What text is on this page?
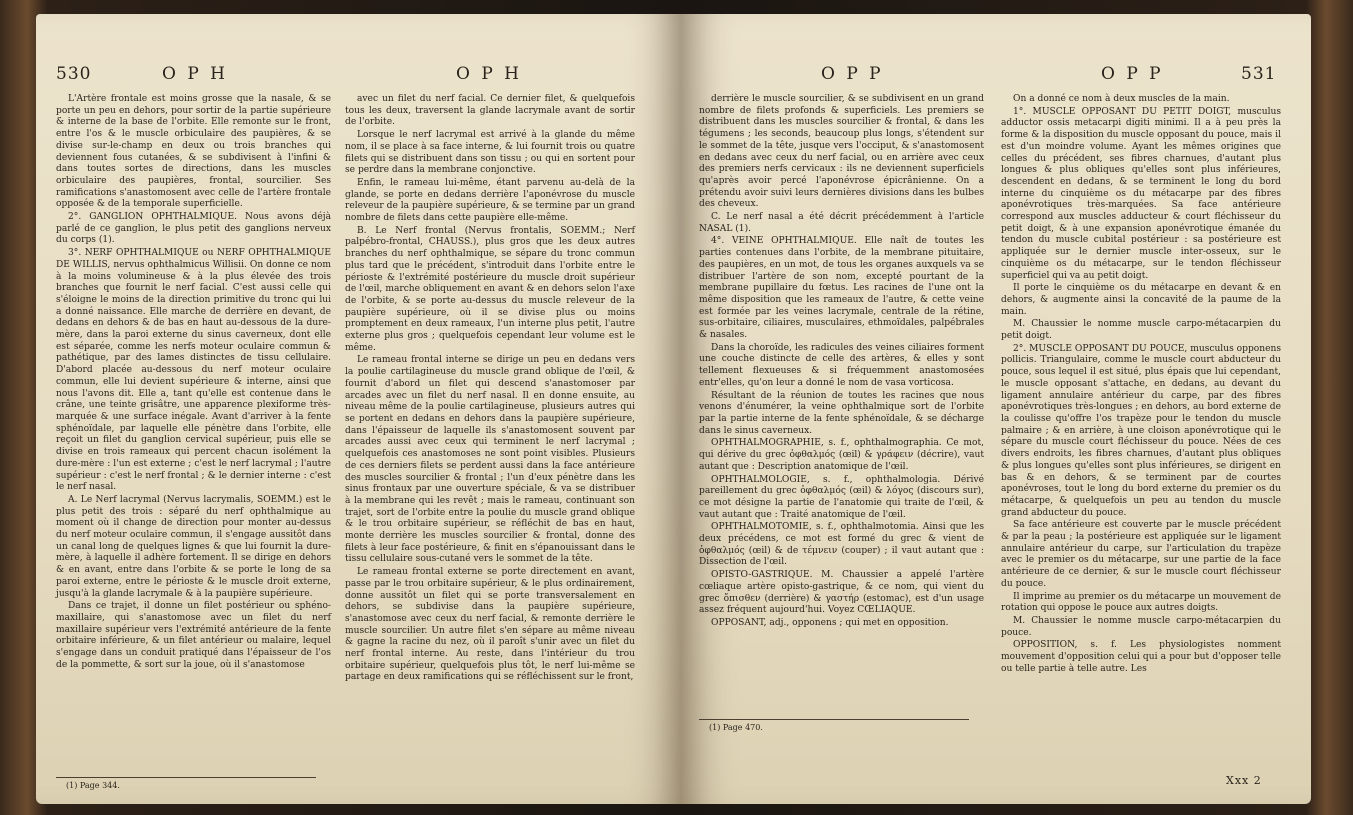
530	O P H	O P H

L'Artère frontale est moins grosse que la nasale, & se porte un peu en dehors, pour sortir de la partie supérieure & interne de la base de l'orbite. Elle remonte sur le front, entre l'os & le muscle orbiculaire des paupières, & se divise sur-le-champ en deux ou trois branches qui deviennent fous cutanées, & se subdivisent à l'infini & dans toutes sortes de directions, dans les muscles orbiculaire des paupières, frontal, sourcilier. Ses ramifications s'anastomosent avec celle de l'artère frontale opposée & de la temporale superficielle.

2°. GANGLION OPHTHALMIQUE. Nous avons déjà parlé de ce ganglion, le plus petit des ganglions nerveux du corps (1).

3°. NERF OPHTHALMIQUE ou NERF OPHTHALMIQUE DE WILLIS, nervus ophthalmicus Willisii. On donne ce nom à la moins volumineuse & à la plus élevée des trois branches que fournit le nerf facial. C'est aussi celle qui s'éloigne le moins de la direction primitive du tronc qui lui a donné naissance. Elle marche de derrière en devant, de dedans en dehors & de bas en haut au-dessous de la dure-mère, dans la paroi externe du sinus caverneux, dont elle est séparée, comme les nerfs moteur oculaire commun & pathétique, par des lames distinctes de tissu cellulaire. D'abord placée au-dessous du nerf moteur oculaire commun, elle lui devient supérieure & interne, ainsi que nous l'avons dit. Elle a, tant qu'elle est contenue dans le crâne, une teinte grisâtre, une apparence plexiforme très-marquée & une surface inégale. Avant d'arriver à la fente sphénoïdale, par laquelle elle pénètre dans l'orbite, elle reçoit un filet du ganglion cervical supérieur, puis elle se divise en trois rameaux qui percent chacun isolément la dure-mère : l'un est externe ; c'est le nerf lacrymal ; l'autre supérieur : c'est le nerf frontal ; & le dernier interne : c'est le nerf nasal.

A. Le Nerf lacrymal (Nervus lacrymalis, SOEMM.) est le plus petit des trois : séparé du nerf ophthalmique au moment où il change de direction pour monter au-dessus du nerf moteur oculaire commun, il s'engage aussitôt dans un canal long de quelques lignes & que lui fournit la dure-mère, à laquelle il adhère fortement. Il se dirige en dehors & en avant, entre dans l'orbite & se porte le long de sa paroi externe, entre le périoste & le muscle droit externe, jusqu'à la glande lacrymale & à la paupière supérieure.

Dans ce trajet, il donne un filet postérieur ou sphéno-maxillaire, qui s'anastomose avec un filet du nerf maxillaire supérieur vers l'extrémité antérieure de la fente orbitaire inférieure, & un filet antérieur ou malaire, lequel s'engage dans un conduit pratiqué dans l'épaisseur de l'os de la pommette, & sort sur la joue, où il s'anastomose

avec un filet du nerf facial. Ce dernier filet, & quelquefois tous les deux, traversent la glande lacrymale avant de sortir de l'orbite.

Lorsque le nerf lacrymal est arrivé à la glande du même nom, il se place à sa face interne, & lui fournit trois ou quatre filets qui se distribuent dans son tissu ; ou qui en sortent pour se perdre dans la membrane conjonctive.

Enfin, le rameau lui-même, étant parvenu au-delà de la glande, se porte en dedans derrière l'aponévrose du muscle releveur de la paupière supérieure, & se termine par un grand nombre de filets dans cette paupière elle-même.

B. Le Nerf frontal (Nervus frontalis, SOEMM.; Nerf palpébro-frontal, CHAUSS.), plus gros que les deux autres branches du nerf ophthalmique, se sépare du tronc commun plus tard que le précédent, s'introduit dans l'orbite entre le périoste & l'extrémité postérieure du muscle droit supérieur de l'œil, marche obliquement en avant & en dehors selon l'axe de l'orbite, & se porte au-dessus du muscle releveur de la paupière supérieure, où il se divise plus ou moins promptement en deux rameaux, l'un interne plus petit, l'autre externe plus gros ; quelquefois cependant leur volume est le même.

Le rameau frontal interne se dirige un peu en dedans vers la poulie cartilagineuse du muscle grand oblique de l'œil, & fournit d'abord un filet qui descend s'anastomoser par arcades avec un filet du nerf nasal. Il en donne ensuite, au niveau même de la poulie cartilagineuse, plusieurs autres qui se portent en dedans en dehors dans la paupière supérieure, dans l'épaisseur de laquelle ils s'anastomosent souvent par arcades aussi avec ceux qui terminent le nerf lacrymal ; quelquefois ces anastomoses ne sont point visibles. Plusieurs de ces derniers filets se perdent aussi dans la face antérieure des muscles sourcilier & frontal ; l'un d'eux pénètre dans les sinus frontaux par une ouverture spéciale, & va se distribuer à la membrane qui les revêt ; mais le rameau, continuant son trajet, sort de l'orbite entre la poulie du muscle grand oblique & le trou orbitaire supérieur, se réfléchit de bas en haut, monte derrière les muscles sourcilier & frontal, donne des filets à leur face postérieure, & finit en s'épanouissant dans le tissu cellulaire sous-cutané vers le sommet de la tête.

Le rameau frontal externe se porte directement en avant, passe par le trou orbitaire supérieur, & le plus ordinairement, donne aussitôt un filet qui se porte transversalement en dehors, se subdivise dans la paupière supérieure, s'anastomose avec ceux du nerf facial, & remonte derrière le muscle sourcilier. Un autre filet s'en sépare au même niveau & gagne la racine du nez, où il paroît s'unir avec un filet du nerf frontal interne. Au reste, dans l'intérieur du trou orbitaire supérieur, quelquefois plus tôt, le nerf lui-même se partage en deux ramifications qui se réfléchissent sur le front,

(1) Page 344.
O P P	O P P	531

derrière le muscle sourcilier, & se subdivisent en un grand nombre de filets profonds & superficiels. Les premiers se distribuent dans les muscles sourcilier & frontal, & dans les tégumens ; les seconds, beaucoup plus longs, s'étendent sur le sommet de la tête, jusque vers l'occiput, & s'anastomosent en dedans avec ceux du nerf facial, ou en arrière avec ceux des premiers nerfs cervicaux : ils ne deviennent superficiels qu'après avoir percé l'aponévrose épicrânienne. On a prétendu avoir suivi leurs dernières divisions dans les bulbes des cheveux.

C. Le nerf nasal a été décrit précédemment à l'article NASAL (1).

4°. VEINE OPHTHALMIQUE. Elle naît de toutes les parties contenues dans l'orbite, de la membrane pituitaire, des paupières, en un mot, de tous les organes auxquels va se distribuer l'artère de son nom, excepté pourtant de la membrane pupillaire du fœtus. Les racines de l'une ont la même disposition que les rameaux de l'autre, & cette veine est formée par les veines lacrymale, centrale de la rétine, sus-orbitaire, ciliaires, musculaires, ethmoïdales, palpébrales & nasales.

Dans la choroïde, les radicules des veines ciliaires forment une couche distincte de celle des artères, & elles y sont tellement flexueuses & si fréquemment anastomosées entr'elles, qu'on leur a donné le nom de vasa vorticosa.

Résultant de la réunion de toutes les racines que nous venons d'énumérer, la veine ophthalmique sort de l'orbite par la partie interne de la fente sphénoïdale, & se décharge dans le sinus caverneux.

OPHTHALMOGRAPHIE, s. f., ophthalmographia. Ce mot, qui dérive du grec ὀφθαλμός (œil) & γράφειν (décrire), vaut autant que : Description anatomique de l'œil.

OPHTHALMOLOGIE, s. f., ophthalmologia. Dérivé pareillement du grec ὀφθαλμός (œil) & λόγος (discours sur), ce mot désigne la partie de l'anatomie qui traite de l'œil, & vaut autant que : Traité anatomique de l'œil.

OPHTHALMOTOMIE, s. f., ophthalmotomia. Ainsi que les deux précédens, ce mot est formé du grec & vient de ὀφθαλμός (œil) & de τέμνειν (couper) ; il vaut autant que : Dissection de l'œil.

OPISTO-GASTRIQUE. M. Chaussier a appelé l'artère cœliaque artère opisto-gastrique, & ce nom, qui vient du grec ὄπισθεν (derrière) & γαστήρ (estomac), est d'un usage assez fréquent aujourd'hui. Voyez CŒLIAQUE.

OPPOSANT, adj., opponens ; qui met en opposition.

On a donné ce nom à deux muscles de la main.

1°. MUSCLE OPPOSANT DU PETIT DOIGT, musculus adductor ossis metacarpi digiti minimi. Il a à peu près la forme & la disposition du muscle opposant du pouce, mais il est d'un moindre volume. Ayant les mêmes origines que celles du précédent, ses fibres charnues, d'autant plus longues & plus obliques qu'elles sont plus inférieures, descendent en dedans, & se terminent le long du bord interne du cinquième os du métacarpe par des fibres aponévrotiques très-marquées. Sa face antérieure correspond aux muscles adducteur & court fléchisseur du petit doigt, & à une expansion aponévrotique émanée du tendon du muscle cubital postérieur : sa postérieure est appliquée sur le dernier muscle inter-osseux, sur le cinquième os du métacarpe, sur le tendon fléchisseur superficiel qui va au petit doigt.

Il porte le cinquième os du métacarpe en devant & en dehors, & augmente ainsi la concavité de la paume de la main.

M. Chaussier le nomme muscle carpo-métacarpien du petit doigt.

2°. MUSCLE OPPOSANT DU POUCE, musculus opponens pollicis. Triangulaire, comme le muscle court abducteur du pouce, sous lequel il est situé, plus épais que lui cependant, le muscle opposant s'attache, en dedans, au devant du ligament annulaire antérieur du carpe, par des fibres aponévrotiques très-longues ; en dehors, au bord externe de la coulisse qu'offre l'os trapèze pour le tendon du muscle palmaire ; & en arrière, à une cloison aponévrotique qui le sépare du muscle court fléchisseur du pouce. Nées de ces divers endroits, les fibres charnues, d'autant plus obliques & plus longues qu'elles sont plus inférieures, se dirigent en bas & en dehors, & se terminent par de courtes aponévroses, tout le long du bord externe du premier os du métacarpe, & quelquefois un peu au tendon du muscle grand abducteur du pouce.

Sa face antérieure est couverte par le muscle précédent & par la peau ; la postérieure est appliquée sur le ligament annulaire antérieur du carpe, sur l'articulation du trapèze avec le premier os du métacarpe, sur une partie de la face antérieure de ce dernier, & sur le muscle court fléchisseur du pouce.

Il imprime au premier os du métacarpe un mouvement de rotation qui oppose le pouce aux autres doigts.

M. Chaussier le nomme muscle carpo-métacarpien du pouce.

OPPOSITION, s. f. Les physiologistes nomment mouvement d'opposition celui qui a pour but d'opposer telle ou telle partie à telle autre. Les

(1) Page 470.
Xxx 2
